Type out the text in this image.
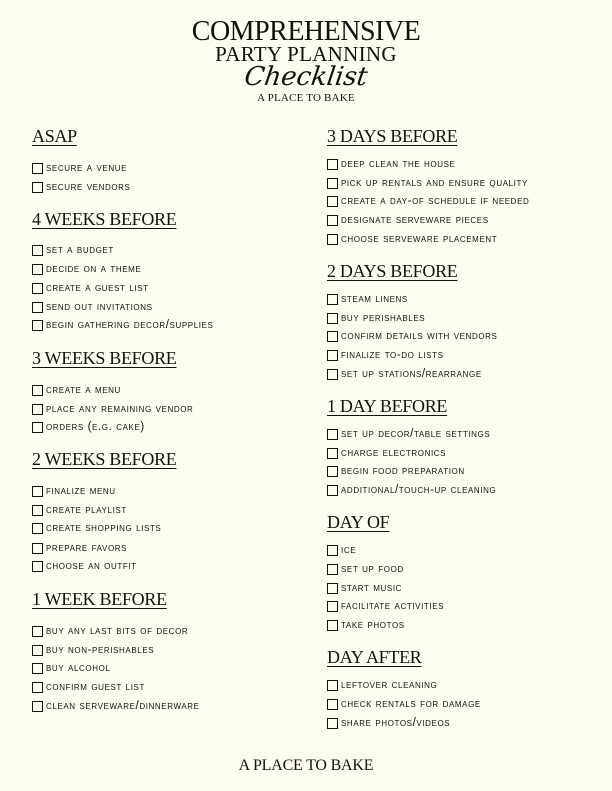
COMPREHENSIVE
PARTY PLANNING
Checklist
A PLACE TO BAKE
ASAP
secure a venue
secure vendors
4 WEEKS BEFORE
set a budget
decide on a theme
create a guest list
send out invitations
begin gathering decor/supplies
3 WEEKS BEFORE
create a menu
place any remaining vendor
orders (e.g. cake)
2 WEEKS BEFORE
finalize menu
create playlist
create shopping lists
prepare favors
choose an outfit
1 WEEK BEFORE
buy any last bits of decor
buy non-perishables
buy alcohol
confirm guest list
clean serveware/dinnerware
3 DAYS BEFORE
deep clean the house
pick up rentals and ensure quality
create a day-of schedule if needed
designate serveware pieces
choose serveware placement
2 DAYS BEFORE
steam linens
buy perishables
confirm details with vendors
finalize to-do lists
set up stations/rearrange
1 DAY BEFORE
set up decor/table settings
charge electronics
begin food preparation
additional/touch-up cleaning
DAY OF
ice
set up food
start music
facilitate activities
take photos
DAY AFTER
leftover cleaning
check rentals for damage
share photos/videos
A PLACE TO BAKE
